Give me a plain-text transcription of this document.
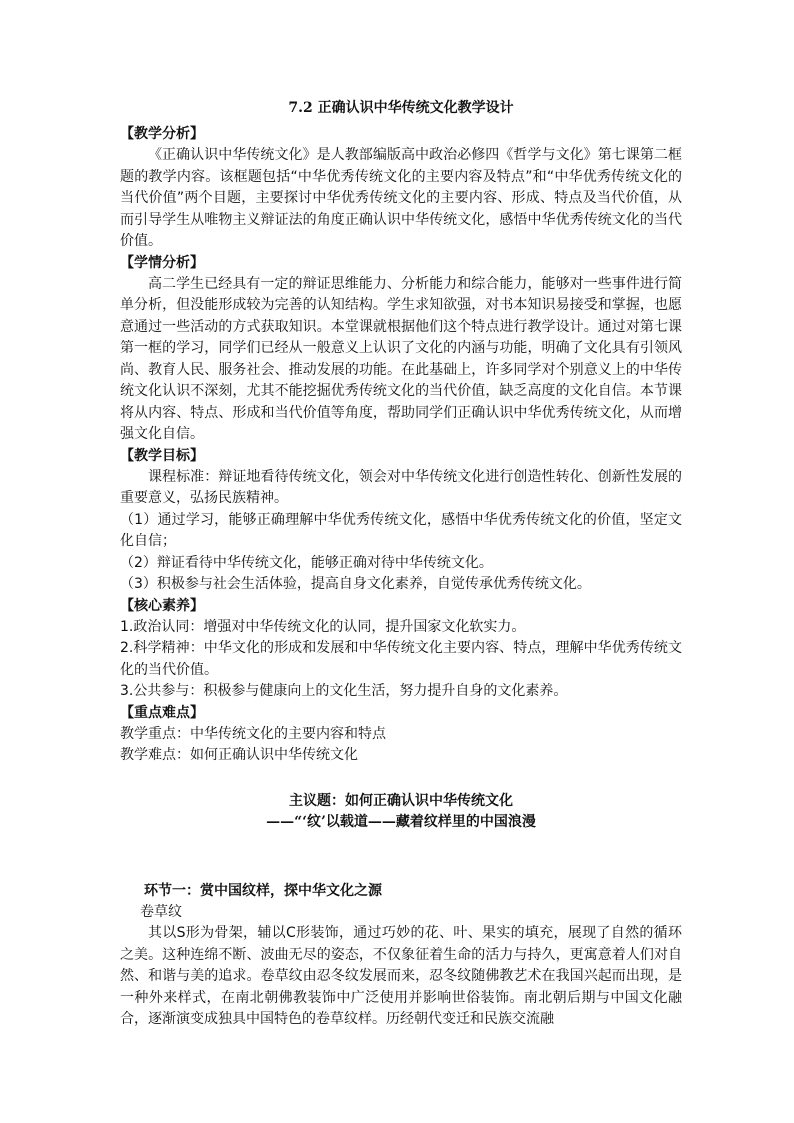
7.2 正确认识中华传统文化教学设计
【教学分析】

《正确认识中华传统文化》是人教部编版高中政治必修四《哲学与文化》第七课第二框题的教学内容。该框题包括“中华优秀传统文化的主要内容及特点”和“中华优秀传统文化的当代价值”两个目题，主要探讨中华优秀传统文化的主要内容、形成、特点及当代价值，从而引导学生从唯物主义辩证法的角度正确认识中华传统文化，感悟中华优秀传统文化的当代价值。

【学情分析】

高二学生已经具有一定的辩证思维能力、分析能力和综合能力，能够对一些事件进行简单分析，但没能形成较为完善的认知结构。学生求知欲强，对书本知识易接受和掌握，也愿意通过一些活动的方式获取知识。本堂课就根据他们这个特点进行教学设计。通过对第七课第一框的学习，同学们已经从一般意义上认识了文化的内涵与功能，明确了文化具有引领风尚、教育人民、服务社会、推动发展的功能。在此基础上，许多同学对个别意义上的中华传统文化认识不深刻，尤其不能挖掘优秀传统文化的当代价值，缺乏高度的文化自信。本节课将从内容、特点、形成和当代价值等角度，帮助同学们正确认识中华优秀传统文化，从而增强文化自信。

【教学目标】

课程标准：辩证地看待传统文化，领会对中华传统文化进行创造性转化、创新性发展的重要意义，弘扬民族精神。

（1）通过学习，能够正确理解中华优秀传统文化，感悟中华优秀传统文化的价值，坚定文化自信；

（2）辩证看待中华传统文化，能够正确对待中华传统文化。

（3）积极参与社会生活体验，提高自身文化素养，自觉传承优秀传统文化。

【核心素养】

1.政治认同：增强对中华传统文化的认同，提升国家文化软实力。

2.科学精神：中华文化的形成和发展和中华传统文化主要内容、特点，理解中华优秀传统文化的当代价值。

3.公共参与：积极参与健康向上的文化生活，努力提升自身的文化素养。

【重点难点】

教学重点：中华传统文化的主要内容和特点

教学难点：如何正确认识中华传统文化

主议题：如何正确认识中华传统文化
——“‘纹’以载道——藏着纹样里的中国浪漫
环节一：赏中国纹样，探中华文化之源
卷草纹

其以S形为骨架，辅以C形装饰，通过巧妙的花、叶、果实的填充，展现了自然的循环之美。这种连绵不断、波曲无尽的姿态，不仅象征着生命的活力与持久，更寓意着人们对自然、和谐与美的追求。卷草纹由忍冬纹发展而来，忍冬纹随佛教艺术在我国兴起而出现，是一种外来样式，在南北朝佛教装饰中广泛使用并影响世俗装饰。南北朝后期与中国文化融合，逐渐演变成独具中国特色的卷草纹样。历经朝代变迁和民族交流融
